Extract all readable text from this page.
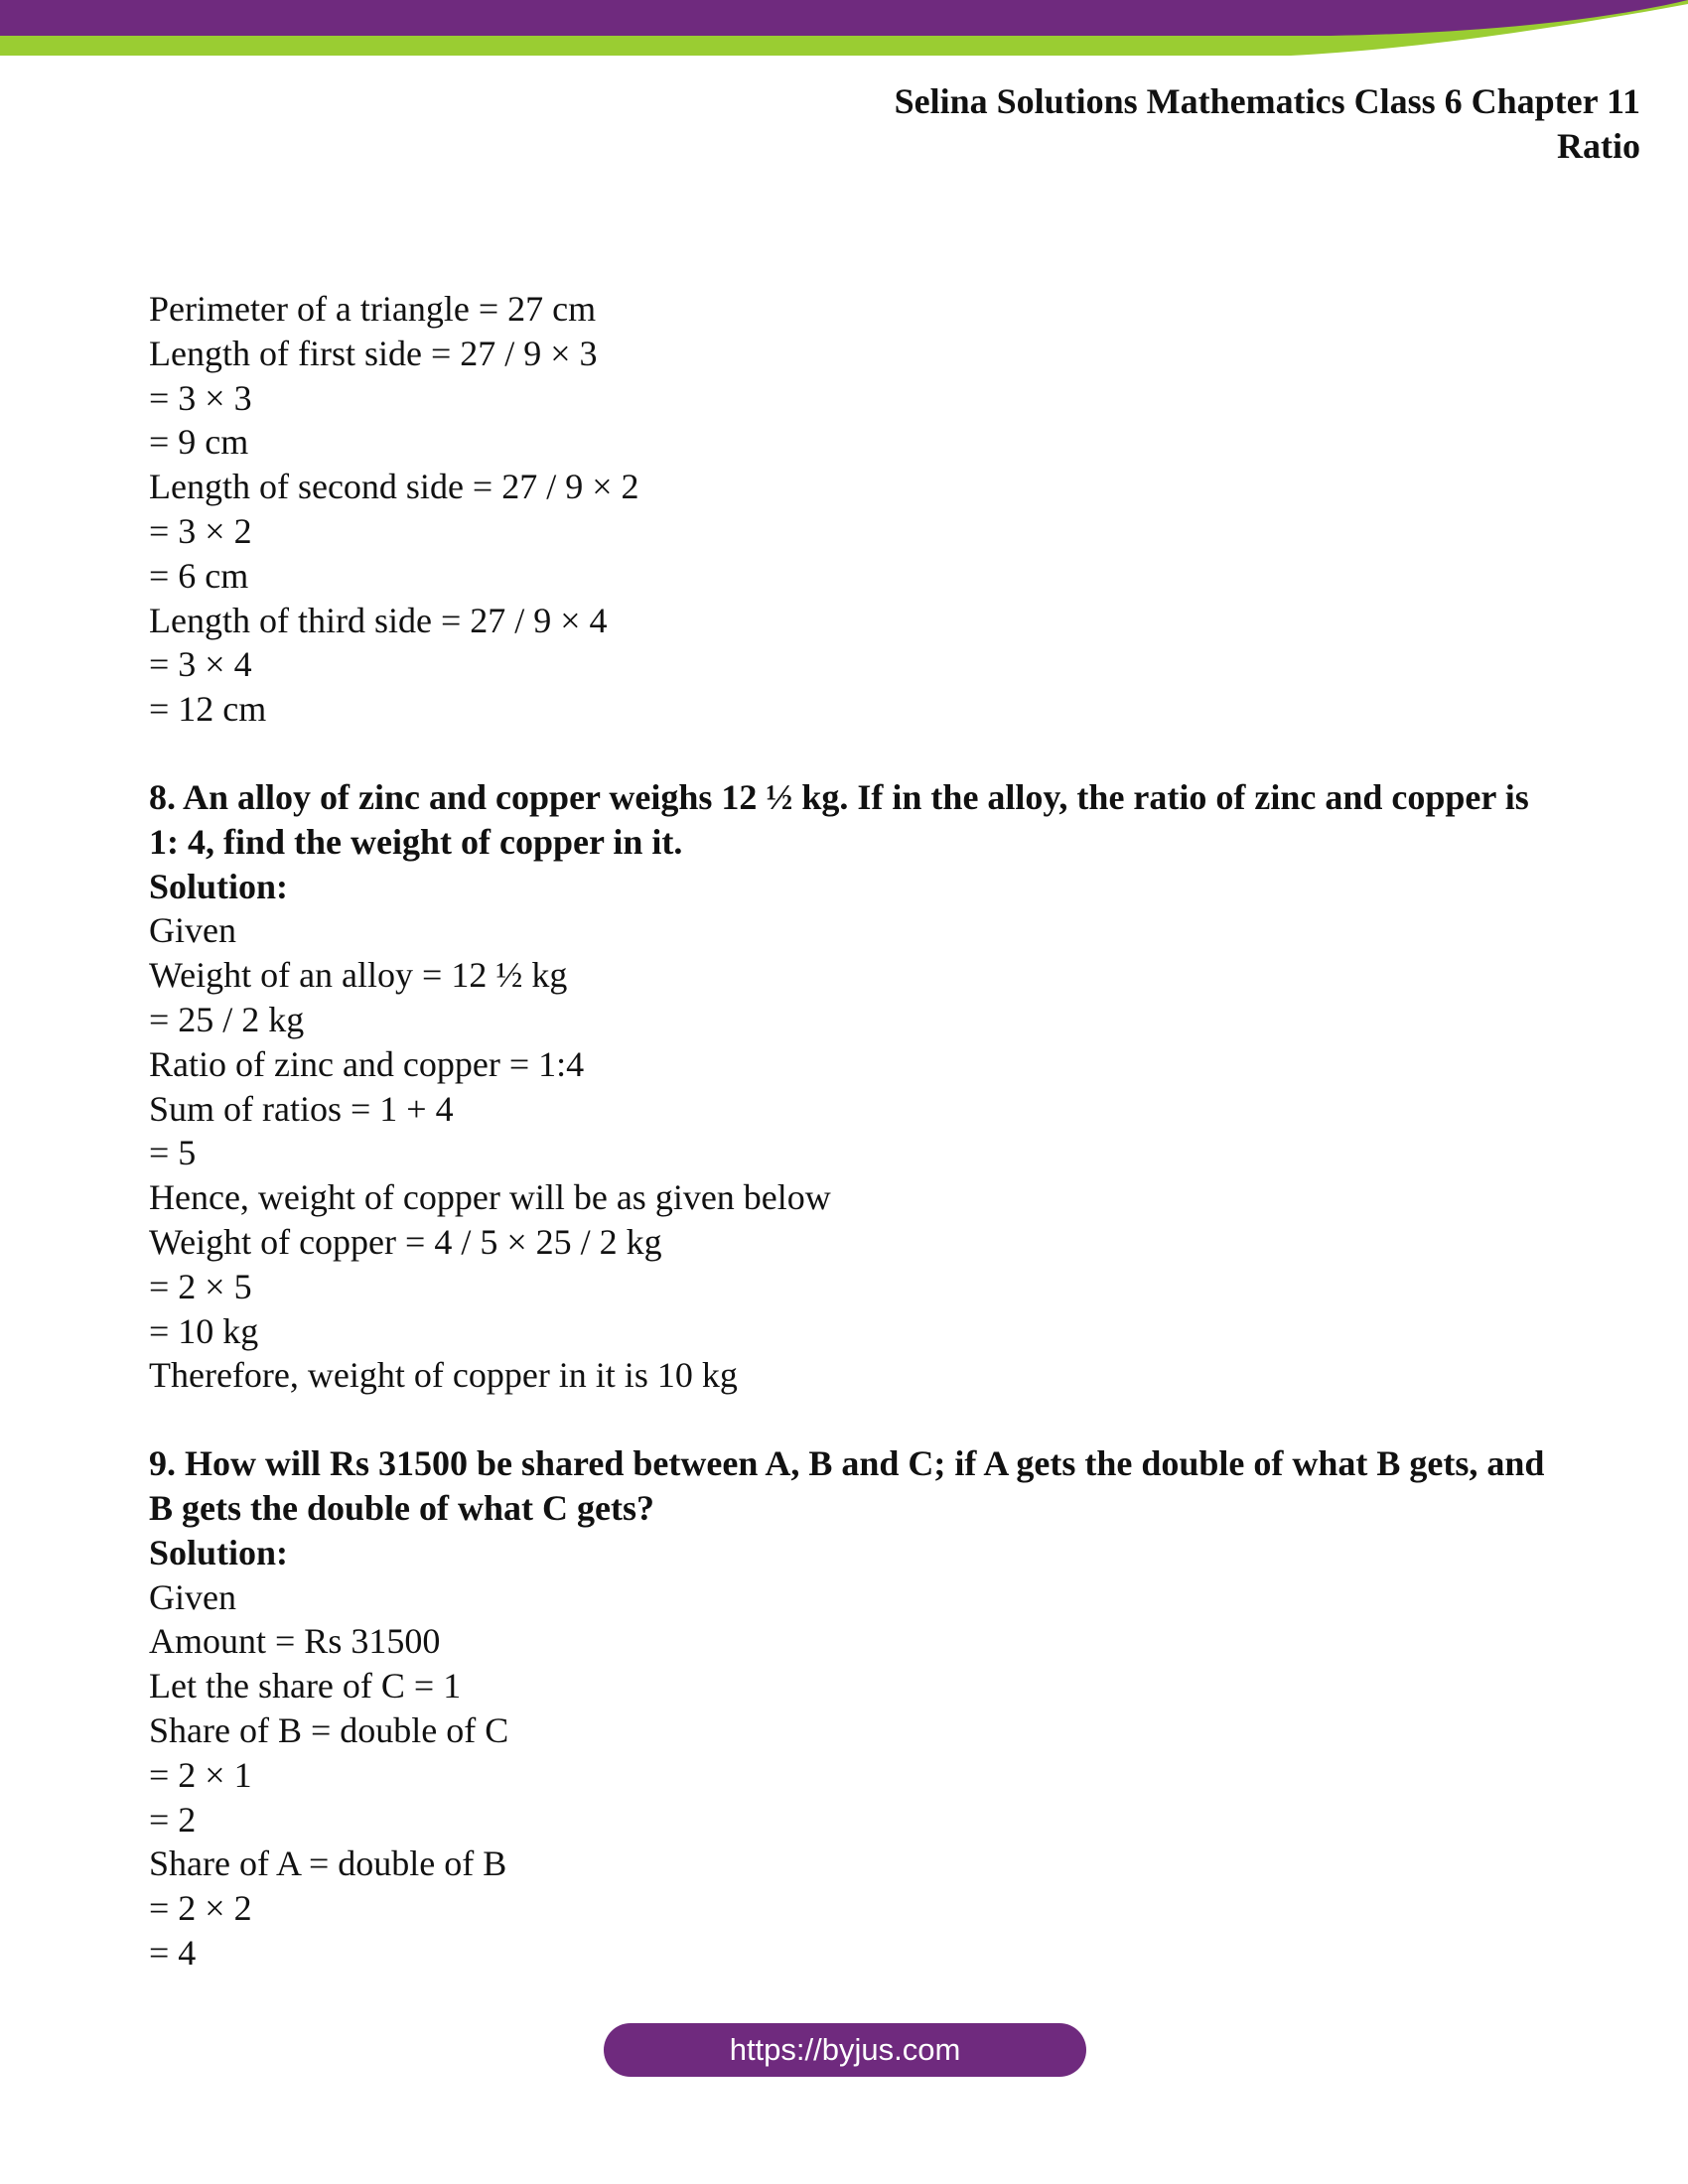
Selina Solutions Mathematics Class 6 Chapter 11
Ratio
Perimeter of a triangle = 27 cm
Length of first side = 27 / 9 × 3
= 3 × 3
= 9 cm
Length of second side = 27 / 9 × 2
= 3 × 2
= 6 cm
Length of third side = 27 / 9 × 4
= 3 × 4
= 12 cm
8. An alloy of zinc and copper weighs 12 ½ kg. If in the alloy, the ratio of zinc and copper is 1: 4, find the weight of copper in it.
Solution:
Given
Weight of an alloy = 12 ½ kg
= 25 / 2 kg
Ratio of zinc and copper = 1:4
Sum of ratios = 1 + 4
= 5
Hence, weight of copper will be as given below
Weight of copper = 4 / 5 × 25 / 2 kg
= 2 × 5
= 10 kg
Therefore, weight of copper in it is 10 kg
9. How will Rs 31500 be shared between A, B and C; if A gets the double of what B gets, and B gets the double of what C gets?
Solution:
Given
Amount = Rs 31500
Let the share of C = 1
Share of B = double of C
= 2 × 1
= 2
Share of A = double of B
= 2 × 2
= 4
https://byjus.com
